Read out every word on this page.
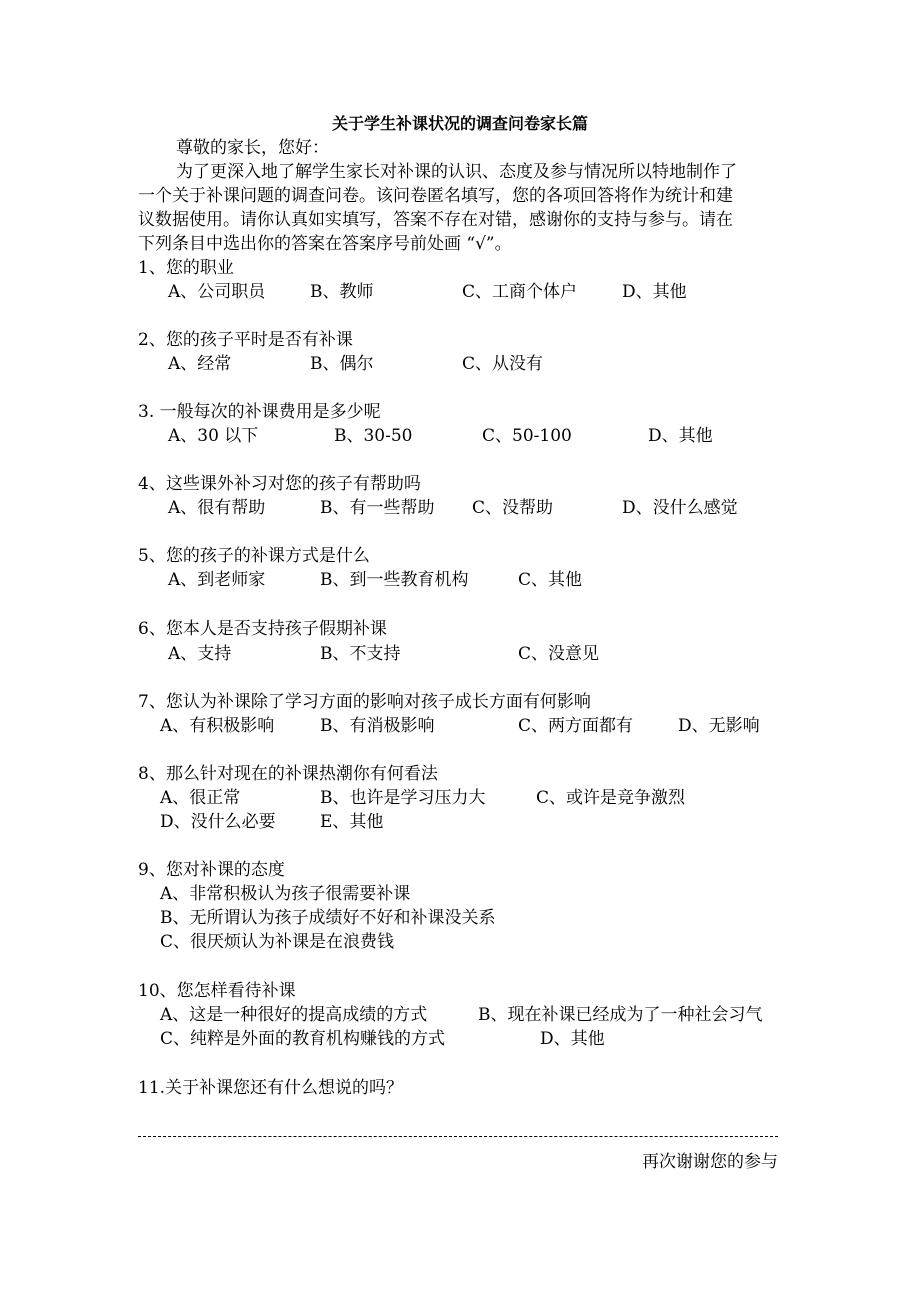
关于学生补课状况的调查问卷家长篇
尊敬的家长，您好：
为了更深入地了解学生家长对补课的认识、态度及参与情况所以特地制作了
一个关于补课问题的调查问卷。该问卷匿名填写，您的各项回答将作为统计和建
议数据使用。请你认真如实填写，答案不存在对错，感谢你的支持与参与。请在
下列条目中选出你的答案在答案序号前处画 “√”。
1、您的职业
A、公司职员	B、教师	C、工商个体户	D、其他
2、您的孩子平时是否有补课
A、经常	B、偶尔	C、从没有
3. 一般每次的补课费用是多少呢
A、30 以下	B、30-50	C、50-100	D、其他
4、这些课外补习对您的孩子有帮助吗
A、很有帮助	B、有一些帮助 C、没帮助	D、没什么感觉
5、您的孩子的补课方式是什么
A、到老师家	B、到一些教育机构	C、其他
6、您本人是否支持孩子假期补课
A、支持	B、不支持	C、没意见
7、您认为补课除了学习方面的影响对孩子成长方面有何影响
A、有积极影响	B、有消极影响	C、两方面都有	D、无影响
8、那么针对现在的补课热潮你有何看法
A、很正常	B、也许是学习压力大	C、或许是竞争激烈
D、没什么必要	E、其他
9、您对补课的态度
A、非常积极认为孩子很需要补课
B、无所谓认为孩子成绩好不好和补课没关系
C、很厌烦认为补课是在浪费钱
10、您怎样看待补课
A、这是一种很好的提高成绩的方式	B、现在补课已经成为了一种社会习气
C、纯粹是外面的教育机构赚钱的方式	D、其他
11.关于补课您还有什么想说的吗？
再次谢谢您的参与
